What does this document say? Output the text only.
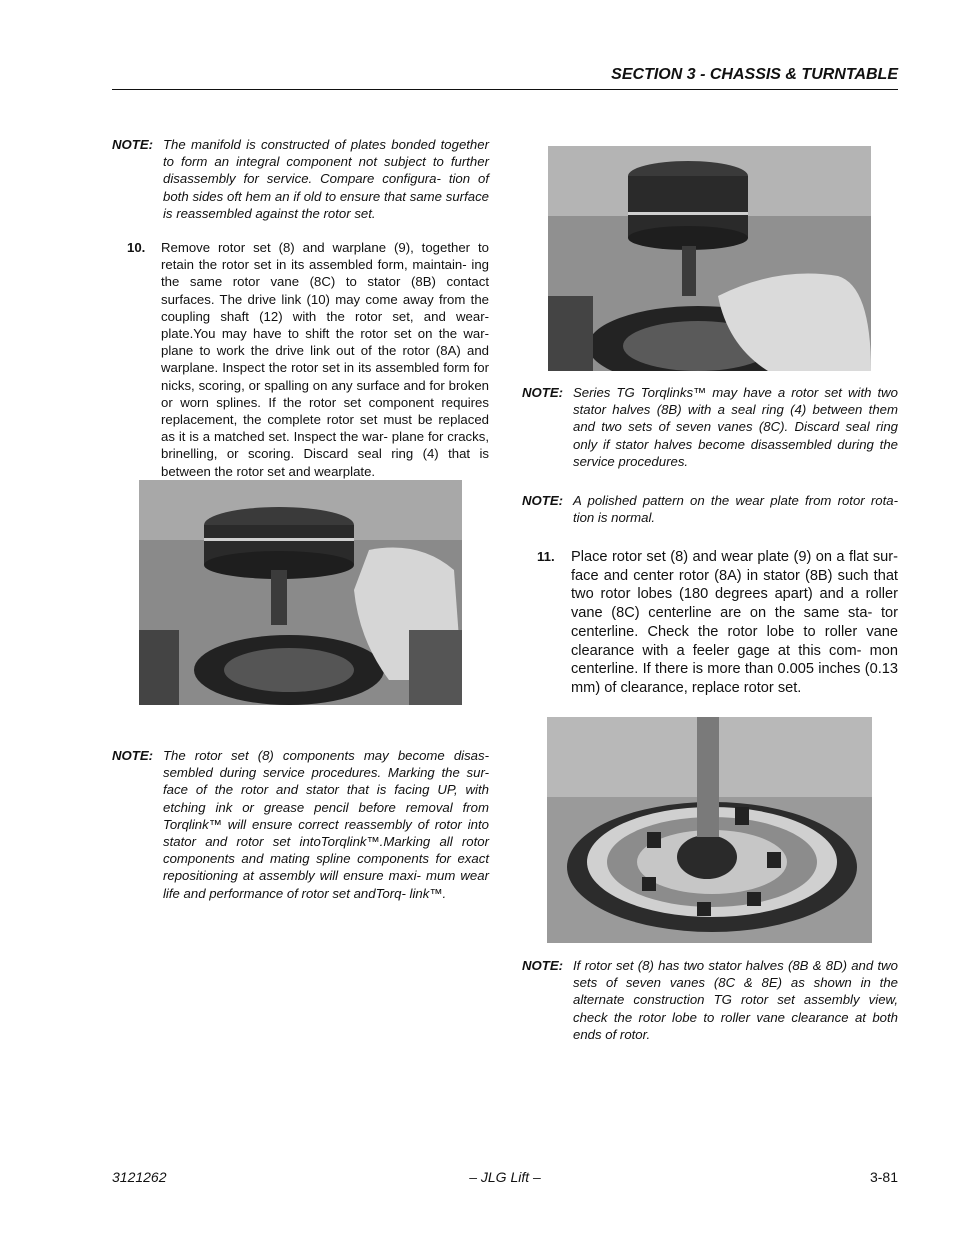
SECTION 3 - CHASSIS & TURNTABLE
NOTE: The manifold is constructed of plates bonded together to form an integral component not subject to further disassembly for service. Compare configura- tion of both sides oft hem an if old to ensure that same surface is reassembled against the rotor set.
10. Remove rotor set (8) and warplane (9), together to retain the rotor set in its assembled form, maintain- ing the same rotor vane (8C) to stator (8B) contact surfaces. The drive link (10) may come away from the coupling shaft (12) with the rotor set, and wear- plate.You may have to shift the rotor set on the war- plane to work the drive link out of the rotor (8A) and warplane. Inspect the rotor set in its assembled form for nicks, scoring, or spalling on any surface and for broken or worn splines. If the rotor set component requires replacement, the complete rotor set must be replaced as it is a matched set. Inspect the war- plane for cracks, brinelling, or scoring. Discard seal ring (4) that is between the rotor set and wearplate.
NOTE: The rotor set (8) components may become disas- sembled during service procedures. Marking the sur- face of the rotor and stator that is facing UP, with etching ink or grease pencil before removal from Torqlink™ will ensure correct reassembly of rotor into stator and rotor set intoTorqlink™.Marking all rotor components and mating spline components for exact repositioning at assembly will ensure maxi- mum wear life and performance of rotor set andTorq- link™.
NOTE: Series TG Torqlinks™ may have a rotor set with two stator halves (8B) with a seal ring (4) between them and two sets of seven vanes (8C). Discard seal ring only if stator halves become disassembled during the service procedures.
NOTE: A polished pattern on the wear plate from rotor rota- tion is normal.
11. Place rotor set (8) and wear plate (9) on a flat sur- face and center rotor (8A) in stator (8B) such that two rotor lobes (180 degrees apart) and a roller vane (8C) centerline are on the same sta- tor centerline. Check the rotor lobe to roller vane clearance with a feeler gage at this com- mon centerline. If there is more than 0.005 inches (0.13 mm) of clearance, replace rotor set.
NOTE: If rotor set (8) has two stator halves (8B & 8D) and two sets of seven vanes (8C & 8E) as shown in the alternate construction TG rotor set assembly view, check the rotor lobe to roller vane clearance at both ends of rotor.
3121262	– JLG Lift –	3-81
